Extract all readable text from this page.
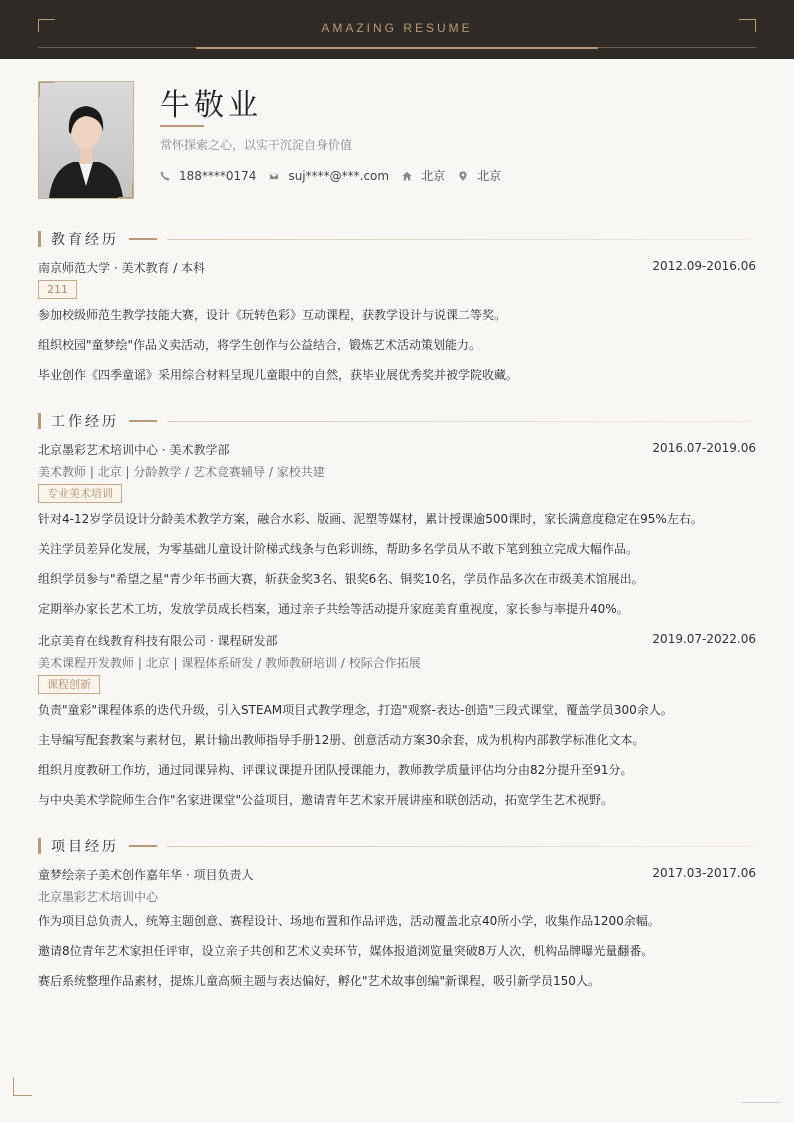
AMAZING RESUME
牛敬业
常怀探索之心，以实干沉淀自身价值
188****0174	suj****@***.com	北京	北京
教育经历
南京师范大学 · 美术教育 / 本科	2012.09-2016.06
211
参加校级师范生教学技能大赛，设计《玩转色彩》互动课程，获教学设计与说课二等奖。
组织校园"童梦绘"作品义卖活动，将学生创作与公益结合，锻炼艺术活动策划能力。
毕业创作《四季童谣》采用综合材料呈现儿童眼中的自然，获毕业展优秀奖并被学院收藏。
工作经历
北京墨彩艺术培训中心 · 美术教学部	2016.07-2019.06
美术教师 | 北京 | 分龄教学 / 艺术竞赛辅导 / 家校共建
专业美术培训
针对4-12岁学员设计分龄美术教学方案，融合水彩、版画、泥塑等媒材，累计授课逾500课时，家长满意度稳定在95%左右。
关注学员差异化发展，为零基础儿童设计阶梯式线条与色彩训练，帮助多名学员从不敢下笔到独立完成大幅作品。
组织学员参与"希望之星"青少年书画大赛，斩获金奖3名、银奖6名、铜奖10名，学员作品多次在市级美术馆展出。
定期举办家长艺术工坊，发放学员成长档案，通过亲子共绘等活动提升家庭美育重视度，家长参与率提升40%。
北京美育在线教育科技有限公司 · 课程研发部	2019.07-2022.06
美术课程开发教师 | 北京 | 课程体系研发 / 教师教研培训 / 校际合作拓展
课程创新
负责"童彩"课程体系的迭代升级，引入STEAM项目式教学理念，打造"观察-表达-创造"三段式课堂，覆盖学员300余人。
主导编写配套教案与素材包，累计输出教师指导手册12册、创意活动方案30余套，成为机构内部教学标准化文本。
组织月度教研工作坊，通过同课异构、评课议课提升团队授课能力，教师教学质量评估均分由82分提升至91分。
与中央美术学院师生合作"名家进课堂"公益项目，邀请青年艺术家开展讲座和联创活动，拓宽学生艺术视野。
项目经历
童梦绘亲子美术创作嘉年华 · 项目负责人	2017.03-2017.06
北京墨彩艺术培训中心
作为项目总负责人，统筹主题创意、赛程设计、场地布置和作品评选，活动覆盖北京40所小学，收集作品1200余幅。
邀请8位青年艺术家担任评审，设立亲子共创和艺术义卖环节，媒体报道浏览量突破8万人次，机构品牌曝光量翻番。
赛后系统整理作品素材，提炼儿童高频主题与表达偏好，孵化"艺术故事创编"新课程，吸引新学员150人。
